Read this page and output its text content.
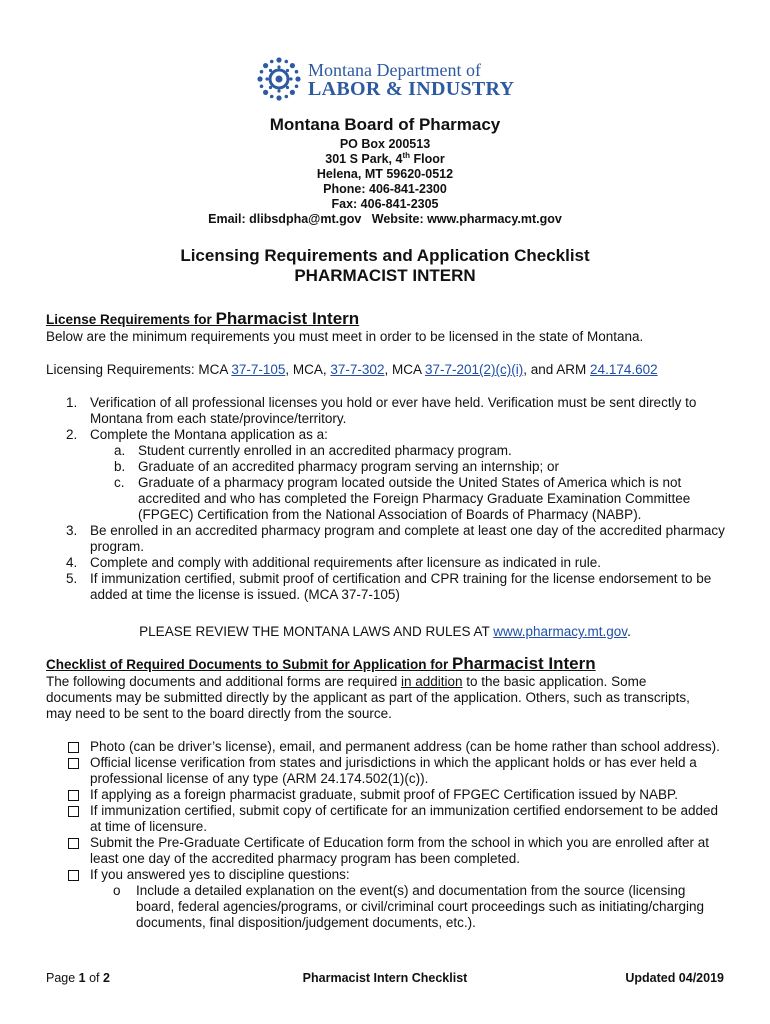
Montana Department of
LABOR & INDUSTRY
Montana Board of Pharmacy
PO Box 200513
301 S Park, 4th Floor
Helena, MT 59620-0512
Phone: 406-841-2300
Fax: 406-841-2305
Email: dlibsdpha@mt.gov   Website: www.pharmacy.mt.gov
Licensing Requirements and Application Checklist
PHARMACIST INTERN
License Requirements for Pharmacist Intern
Below are the minimum requirements you must meet in order to be licensed in the state of Montana.
Licensing Requirements: MCA 37-7-105, MCA, 37-7-302, MCA 37-7-201(2)(c)(i), and ARM 24.174.602
1. Verification of all professional licenses you hold or ever have held. Verification must be sent directly to Montana from each state/province/territory.
2. Complete the Montana application as a:
a. Student currently enrolled in an accredited pharmacy program.
b. Graduate of an accredited pharmacy program serving an internship; or
c. Graduate of a pharmacy program located outside the United States of America which is not accredited and who has completed the Foreign Pharmacy Graduate Examination Committee (FPGEC) Certification from the National Association of Boards of Pharmacy (NABP).
3. Be enrolled in an accredited pharmacy program and complete at least one day of the accredited pharmacy program.
4. Complete and comply with additional requirements after licensure as indicated in rule.
5. If immunization certified, submit proof of certification and CPR training for the license endorsement to be added at time the license is issued. (MCA 37-7-105)
PLEASE REVIEW THE MONTANA LAWS AND RULES AT www.pharmacy.mt.gov.
Checklist of Required Documents to Submit for Application for Pharmacist Intern
The following documents and additional forms are required in addition to the basic application. Some
documents may be submitted directly by the applicant as part of the application. Others, such as transcripts,
may need to be sent to the board directly from the source.
Photo (can be driver’s license), email, and permanent address (can be home rather than school address).
Official license verification from states and jurisdictions in which the applicant holds or has ever held a professional license of any type (ARM 24.174.502(1)(c)).
If applying as a foreign pharmacist graduate, submit proof of FPGEC Certification issued by NABP.
If immunization certified, submit copy of certificate for an immunization certified endorsement to be added at time of licensure.
Submit the Pre-Graduate Certificate of Education form from the school in which you are enrolled after at least one day of the accredited pharmacy program has been completed.
If you answered yes to discipline questions:
o Include a detailed explanation on the event(s) and documentation from the source (licensing board, federal agencies/programs, or civil/criminal court proceedings such as initiating/charging documents, final disposition/judgement documents, etc.).
Page 1 of 2	Pharmacist Intern Checklist	Updated 04/2019
